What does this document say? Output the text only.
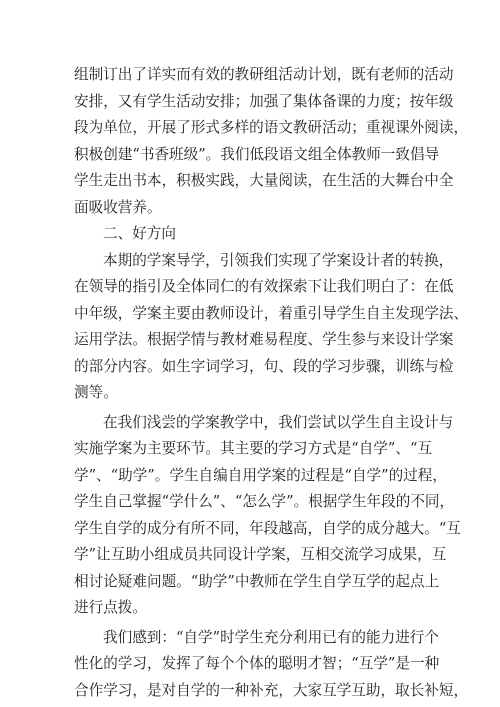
组制订出了详实而有效的教研组活动计划，既有老师的活动
安排，又有学生活动安排；加强了集体备课的力度；按年级
段为单位，开展了形式多样的语文教研活动；重视课外阅读，
积极创建“书香班级”。我们低段语文组全体教师一致倡导
学生走出书本，积极实践，大量阅读，在生活的大舞台中全
面吸收营养。
二、好方向
本期的学案导学，引领我们实现了学案设计者的转换，
在领导的指引及全体同仁的有效探索下让我们明白了：在低
中年级，学案主要由教师设计，着重引导学生自主发现学法、
运用学法。根据学情与教材难易程度、学生参与来设计学案
的部分内容。如生字词学习，句、段的学习步骤，训练与检
测等。
在我们浅尝的学案教学中，我们尝试以学生自主设计与
实施学案为主要环节。其主要的学习方式是“自学”、“互
学”、“助学”。学生自编自用学案的过程是“自学”的过程，
学生自己掌握“学什么”、“怎么学”。根据学生年段的不同，
学生自学的成分有所不同，年段越高，自学的成分越大。“互
学”让互助小组成员共同设计学案，互相交流学习成果，互
相讨论疑难问题。“助学”中教师在学生自学互学的起点上
进行点拨。
我们感到：“自学”时学生充分利用已有的能力进行个
性化的学习，发挥了每个个体的聪明才智；“互学”是一种
合作学习，是对自学的一种补充，大家互学互助，取长补短，
